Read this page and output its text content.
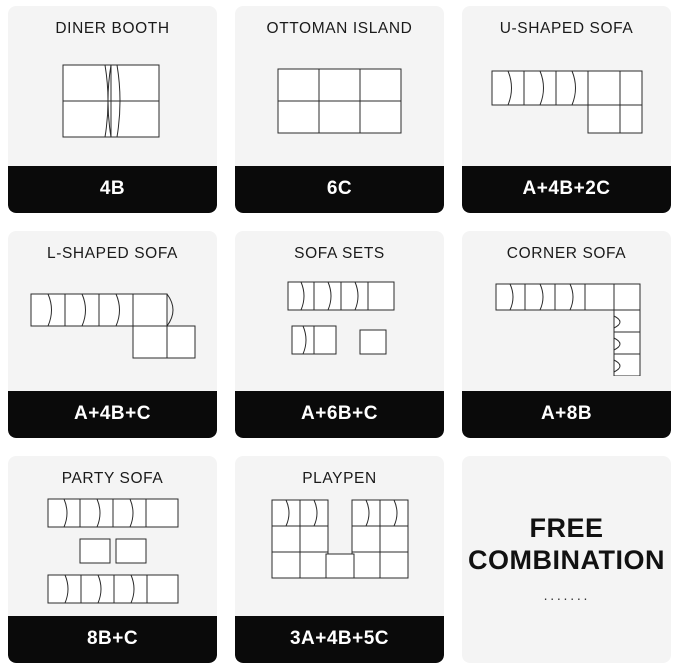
DINER BOOTH
4B
OTTOMAN ISLAND
6C
U-SHAPED SOFA
A+4B+2C
L-SHAPED SOFA
A+4B+C
SOFA SETS
A+6B+C
CORNER SOFA
A+8B
PARTY SOFA
8B+C
PLAYPEN
3A+4B+5C
FREE
COMBINATION
·······
